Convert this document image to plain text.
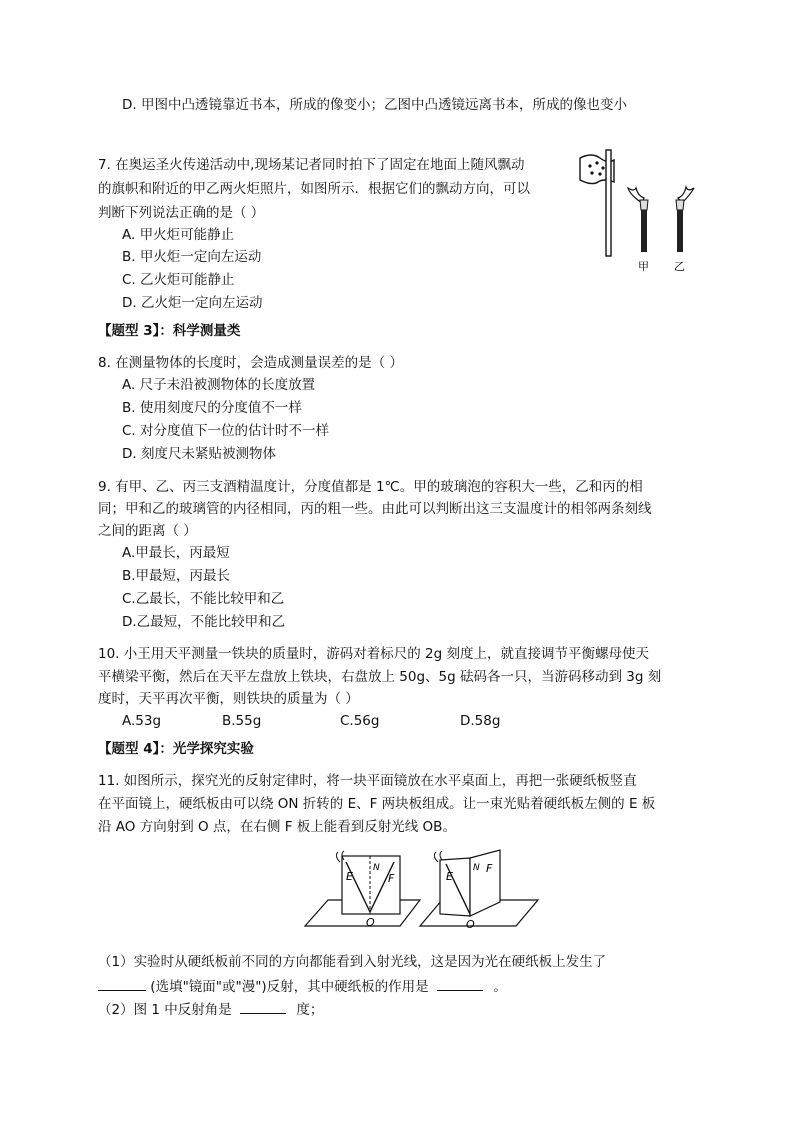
D. 甲图中凸透镜靠近书本，所成的像变小；乙图中凸透镜远离书本，所成的像也变小
7. 在奥运圣火传递活动中,现场某记者同时拍下了固定在地面上随风飘动
的旗帜和附近的甲乙两火炬照片，如图所示．根据它们的飘动方向，可以
判断下列说法正确的是（ ）
A. 甲火炬可能静止
B. 甲火炬一定向左运动
C. 乙火炬可能静止
D. 乙火炬一定向左运动
甲 乙
【题型 3】：科学测量类
8. 在测量物体的长度时，会造成测量误差的是（ ）
A. 尺子未沿被测物体的长度放置
B. 使用刻度尺的分度值不一样
C. 对分度值下一位的估计时不一样
D. 刻度尺未紧贴被测物体
9. 有甲、乙、丙三支酒精温度计，分度值都是 1℃。甲的玻璃泡的容积大一些，乙和丙的相
同；甲和乙的玻璃管的内径相同，丙的粗一些。由此可以判断出这三支温度计的相邻两条刻线
之间的距离（ ）
A.甲最长，丙最短
B.甲最短，丙最长
C.乙最长，不能比较甲和乙
D.乙最短，不能比较甲和乙
10. 小王用天平测量一铁块的质量时，游码对着标尺的 2g 刻度上，就直接调节平衡螺母使天
平横梁平衡，然后在天平左盘放上铁块，右盘放上 50g、5g 砝码各一只，当游码移动到 3g 刻
度时，天平再次平衡，则铁块的质量为（ ）
A.53g	B.55g	C.56g	D.58g
【题型 4】：光学探究实验
11. 如图所示，探究光的反射定律时，将一块平面镜放在水平桌面上，再把一张硬纸板竖直
在平面镜上，硬纸板由可以绕 ON 折转的 E、F 两块板组成。让一束光贴着硬纸板左侧的 E 板
沿 AO 方向射到 O 点，在右侧 F 板上能看到反射光线 OB。
E
N
F
O
E
N F
O
（1）实验时从硬纸板前不同的方向都能看到入射光线，这是因为光在硬纸板上发生了
(选填"镜面"或"漫")反射，其中硬纸板的作用是	。
（2）图 1 中反射角是	度；
